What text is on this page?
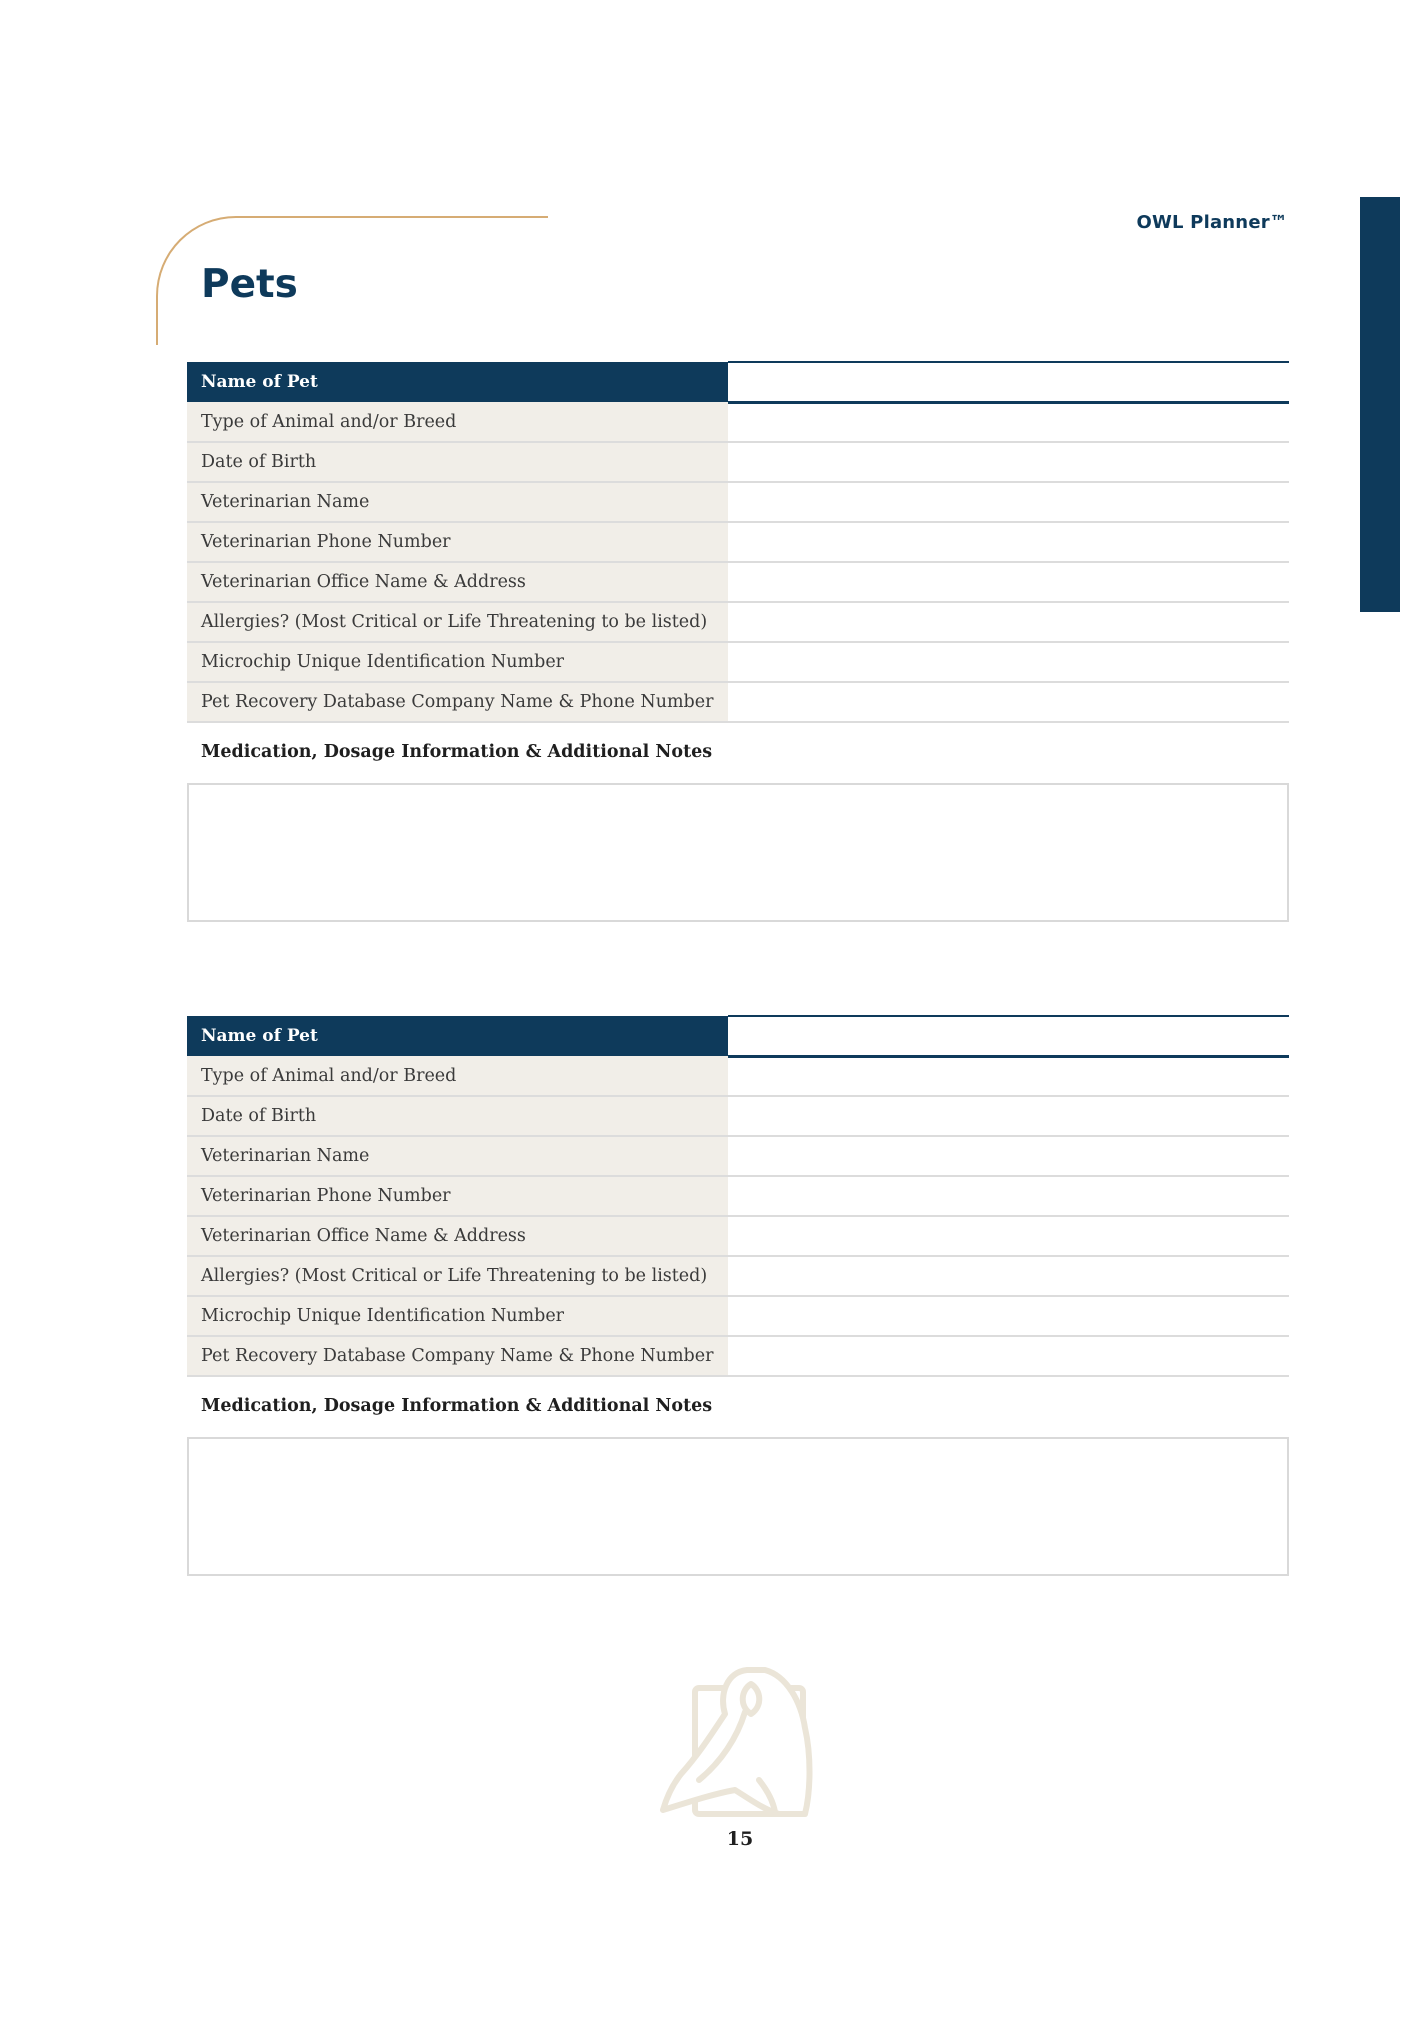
OWL Planner™
Pets
Name of Pet	
Type of Animal and/or Breed	
Date of Birth	
Veterinarian Name	
Veterinarian Phone Number	
Veterinarian Office Name & Address	
Allergies? (Most Critical or Life Threatening to be listed)	
Microchip Unique Identification Number	
Pet Recovery Database Company Name & Phone Number	

Medication, Dosage Information & Additional Notes

Name of Pet	
Type of Animal and/or Breed	
Date of Birth	
Veterinarian Name	
Veterinarian Phone Number	
Veterinarian Office Name & Address	
Allergies? (Most Critical or Life Threatening to be listed)	
Microchip Unique Identification Number	
Pet Recovery Database Company Name & Phone Number	

Medication, Dosage Information & Additional Notes

15
